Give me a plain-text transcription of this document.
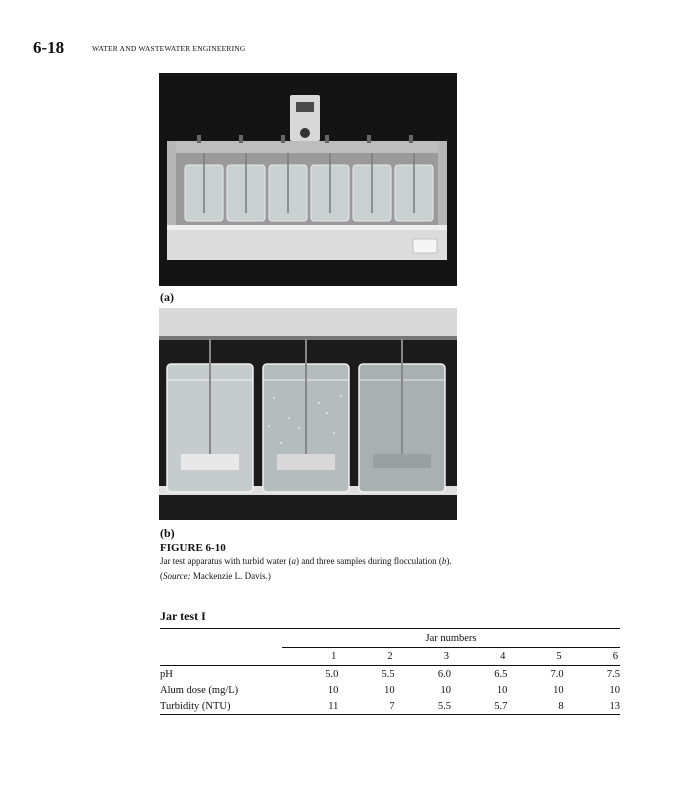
6-18	WATER AND WASTEWATER ENGINEERING
(a)
(b)
FIGURE 6-10
Jar test apparatus with turbid water (a) and three samples during flocculation (b).
(Source: Mackenzie L. Davis.)
Jar test I
	Jar numbers					
	1	2	3	4	5	6
pH	5.0	5.5	6.0	6.5	7.0	7.5
Alum dose (mg/L)	10	10	10	10	10	10
Turbidity (NTU)	11	7	5.5	5.7	8	13
